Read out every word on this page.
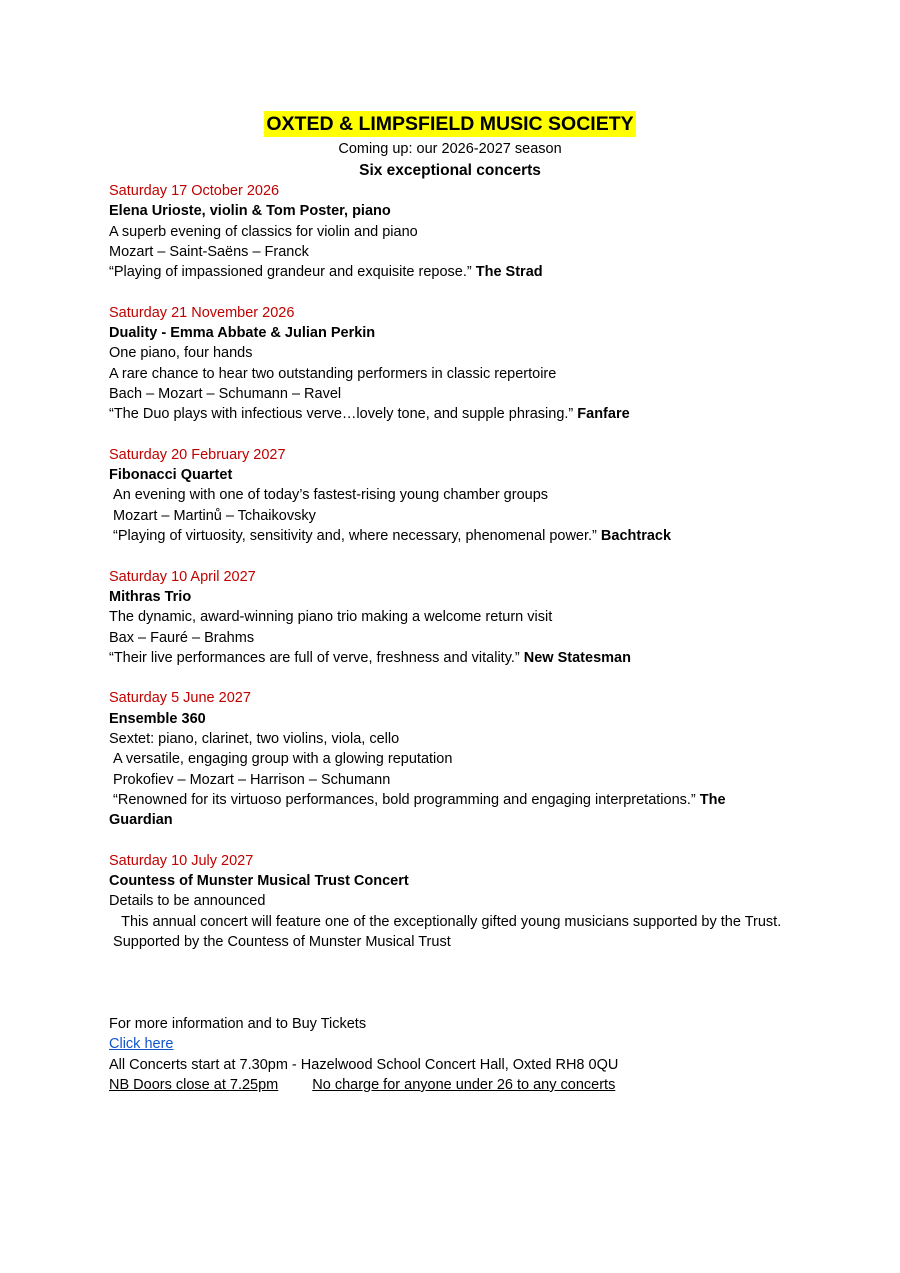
OXTED & LIMPSFIELD MUSIC SOCIETY
Coming up: our 2026-2027 season
Six exceptional concerts
Saturday 17 October 2026
Elena Urioste, violin & Tom Poster, piano
A superb evening of classics for violin and piano
Mozart – Saint-Saëns – Franck
“Playing of impassioned grandeur and exquisite repose.” The Strad
Saturday 21 November 2026
Duality - Emma Abbate & Julian Perkin
One piano, four hands
A rare chance to hear two outstanding performers in classic repertoire
Bach – Mozart – Schumann – Ravel
“The Duo plays with infectious verve…lovely tone, and supple phrasing.” Fanfare
Saturday 20 February 2027
Fibonacci Quartet
An evening with one of today’s fastest-rising young chamber groups
Mozart – Martinů – Tchaikovsky
“Playing of virtuosity, sensitivity and, where necessary, phenomenal power.” Bachtrack
Saturday 10 April 2027
Mithras Trio
The dynamic, award-winning piano trio making a welcome return visit
Bax – Fauré – Brahms
“Their live performances are full of verve, freshness and vitality.” New Statesman
Saturday 5 June 2027
Ensemble 360
Sextet: piano, clarinet, two violins, viola, cello
A versatile, engaging group with a glowing reputation
Prokofiev – Mozart – Harrison – Schumann
“Renowned for its virtuoso performances, bold programming and engaging interpretations.” The Guardian
Saturday 10 July 2027
Countess of Munster Musical Trust Concert
Details to be announced
This annual concert will feature one of the exceptionally gifted young musicians supported by the Trust.
Supported by the Countess of Munster Musical Trust
For more information and to Buy Tickets
Click here
All Concerts start at 7.30pm - Hazelwood School Concert Hall, Oxted RH8 0QU
NB Doors close at 7.25pm No charge for anyone under 26 to any concerts
